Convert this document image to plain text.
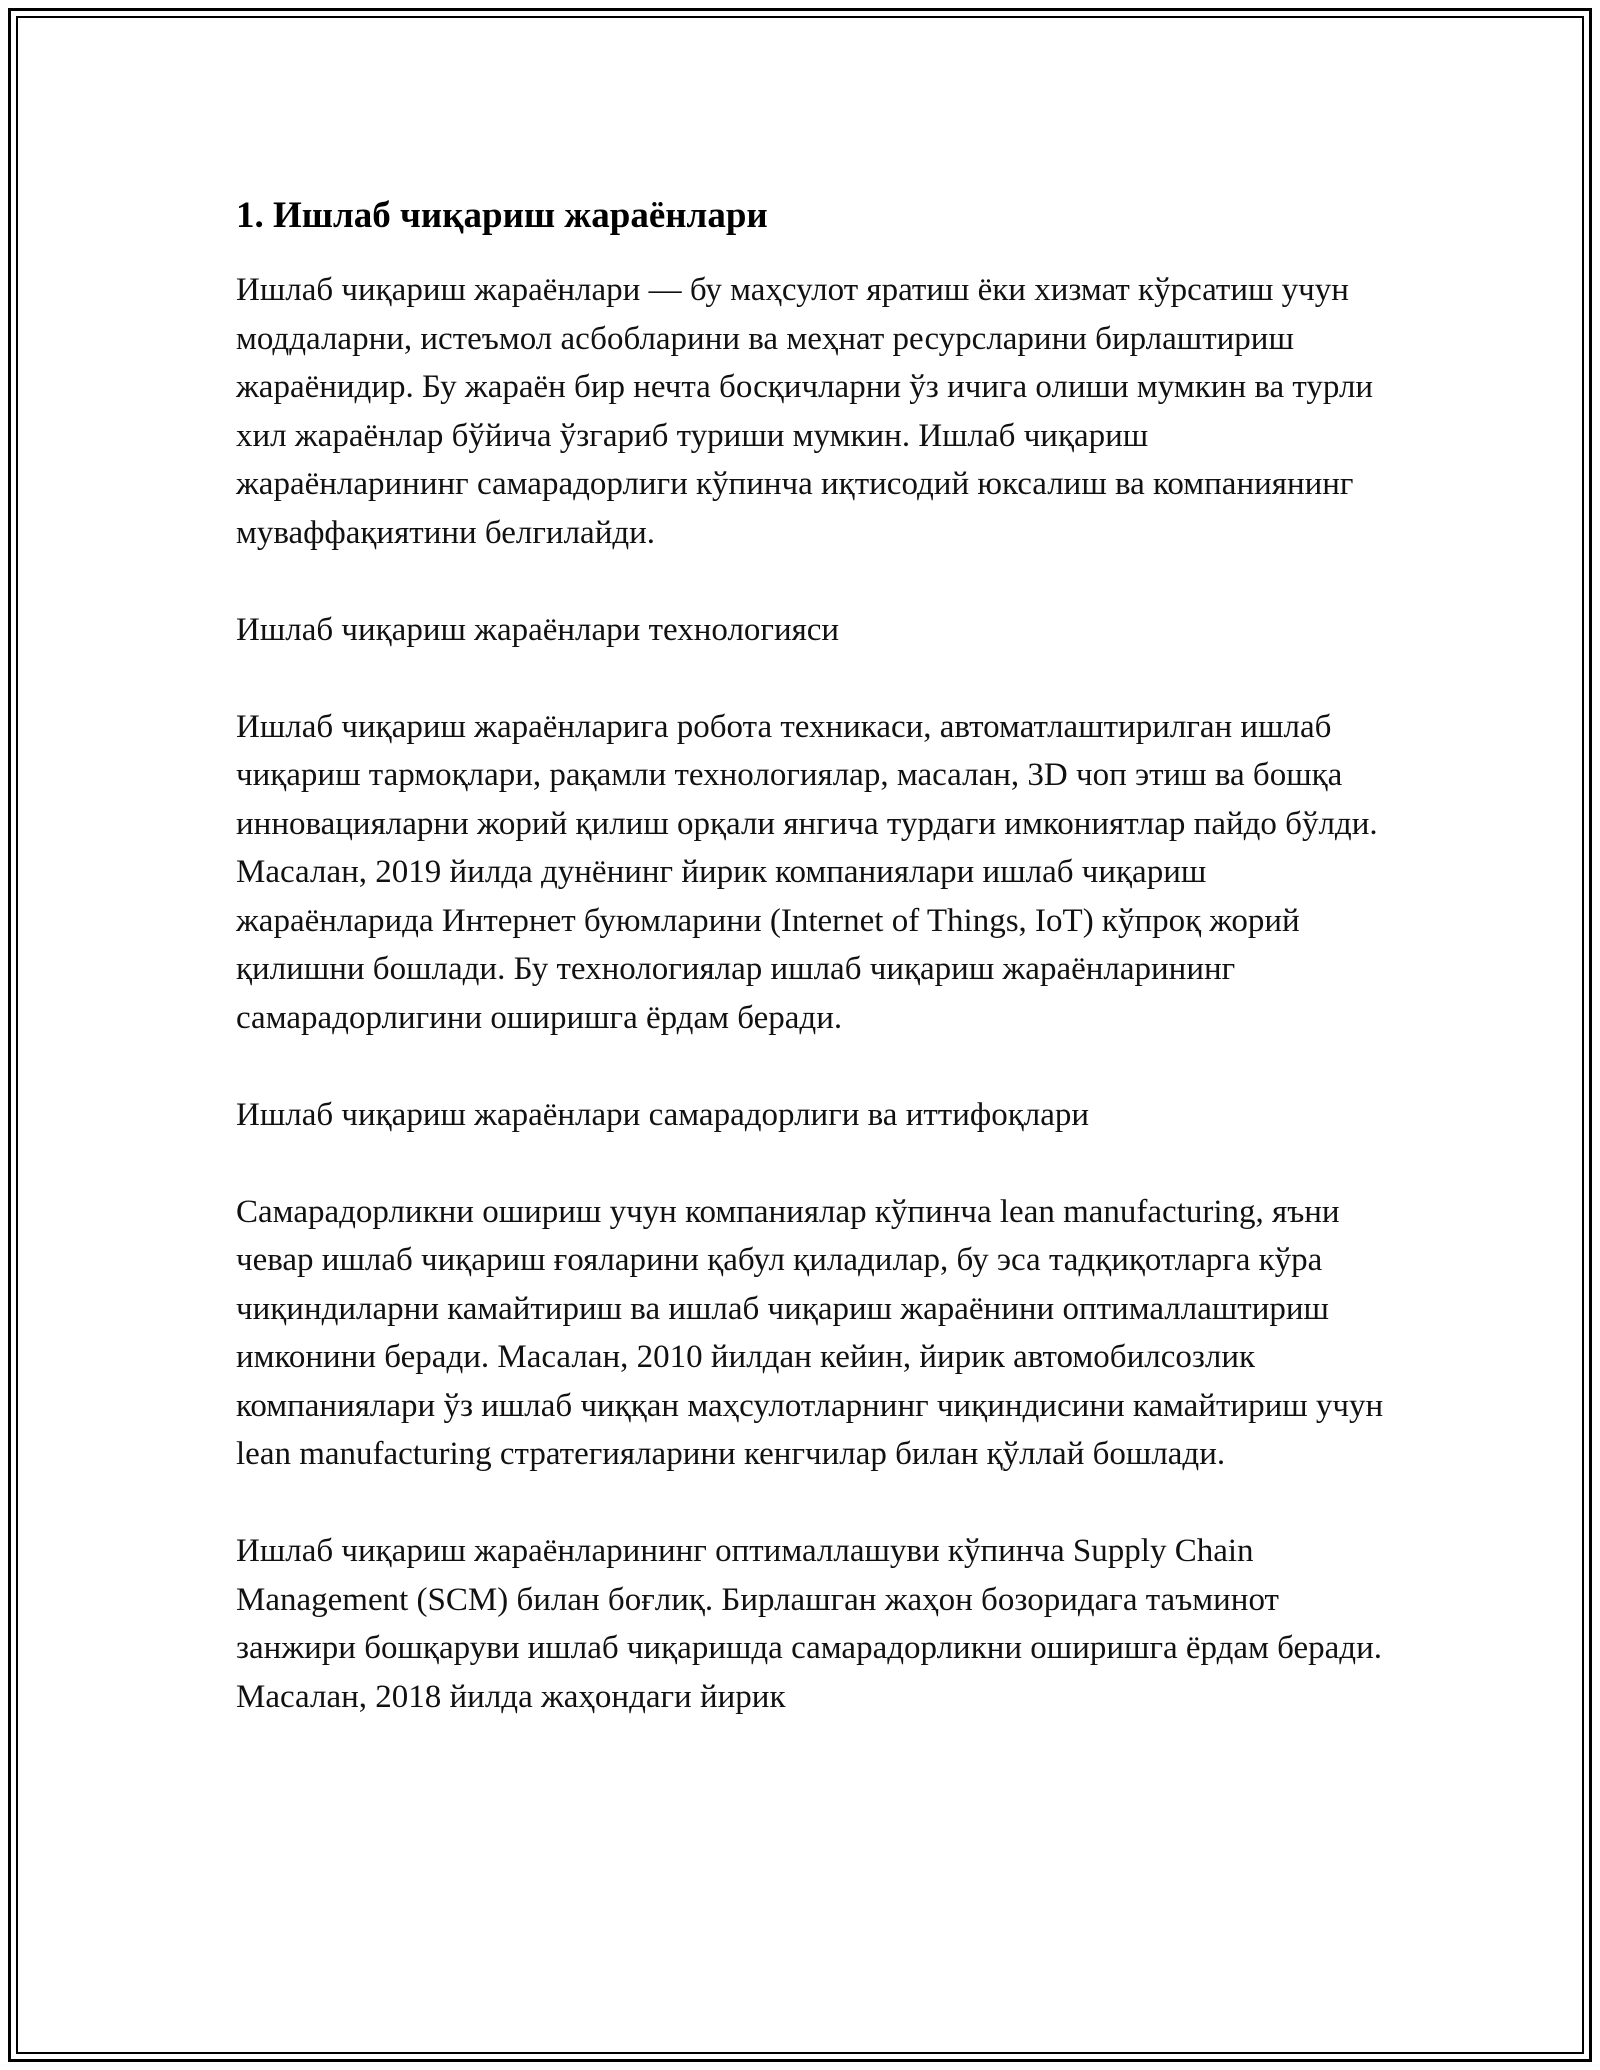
1. Ишлаб чиқариш жараёнлари

Ишлаб чиқариш жараёнлари — бу маҳсулот яратиш ёки хизмат кўрсатиш учун моддаларни, истеъмол асбобларини ва меҳнат ресурсларини бирлаштириш жараёнидир. Бу жараён бир нечта босқичларни ўз ичига олиши мумкин ва турли хил жараёнлар бўйича ўзгариб туриши мумкин. Ишлаб чиқариш жараёнларининг самарадорлиги кўпинча иқтисодий юксалиш ва компаниянинг муваффақиятини белгилайди.

Ишлаб чиқариш жараёнлари технологияси

Ишлаб чиқариш жараёнларига робота техникаси, автоматлаштирилган ишлаб чиқариш тармоқлари, рақамли технологиялар, масалан, 3D чоп этиш ва бошқа инновацияларни жорий қилиш орқали янгича турдаги имкониятлар пайдо бўлди. Масалан, 2019 йилда дунёнинг йирик компаниялари ишлаб чиқариш жараёнларида Интернет буюмларини (Internet of Things, IoT) кўпроқ жорий қилишни бошлади. Бу технологиялар ишлаб чиқариш жараёнларининг самарадорлигини оширишга ёрдам беради.

Ишлаб чиқариш жараёнлари самарадорлиги ва иттифоқлари

Самарадорликни ошириш учун компаниялар кўпинча lean manufacturing, яъни чевар ишлаб чиқариш ғояларини қабул қиладилар, бу эса тадқиқотларга кўра чиқиндиларни камайтириш ва ишлаб чиқариш жараёнини оптималлаштириш имконини беради. Масалан, 2010 йилдан кейин, йирик автомобилсозлик компаниялари ўз ишлаб чиққан маҳсулотларнинг чиқиндисини камайтириш учун lean manufacturing стратегияларини кенгчилар билан қўллай бошлади.

Ишлаб чиқариш жараёнларининг оптималлашуви кўпинча Supply Chain Management (SCM) билан боғлиқ. Бирлашган жаҳон бозоридага таъминот занжири бошқаруви ишлаб чиқаришда самарадорликни оширишга ёрдам беради. Масалан, 2018 йилда жаҳондаги йирик
